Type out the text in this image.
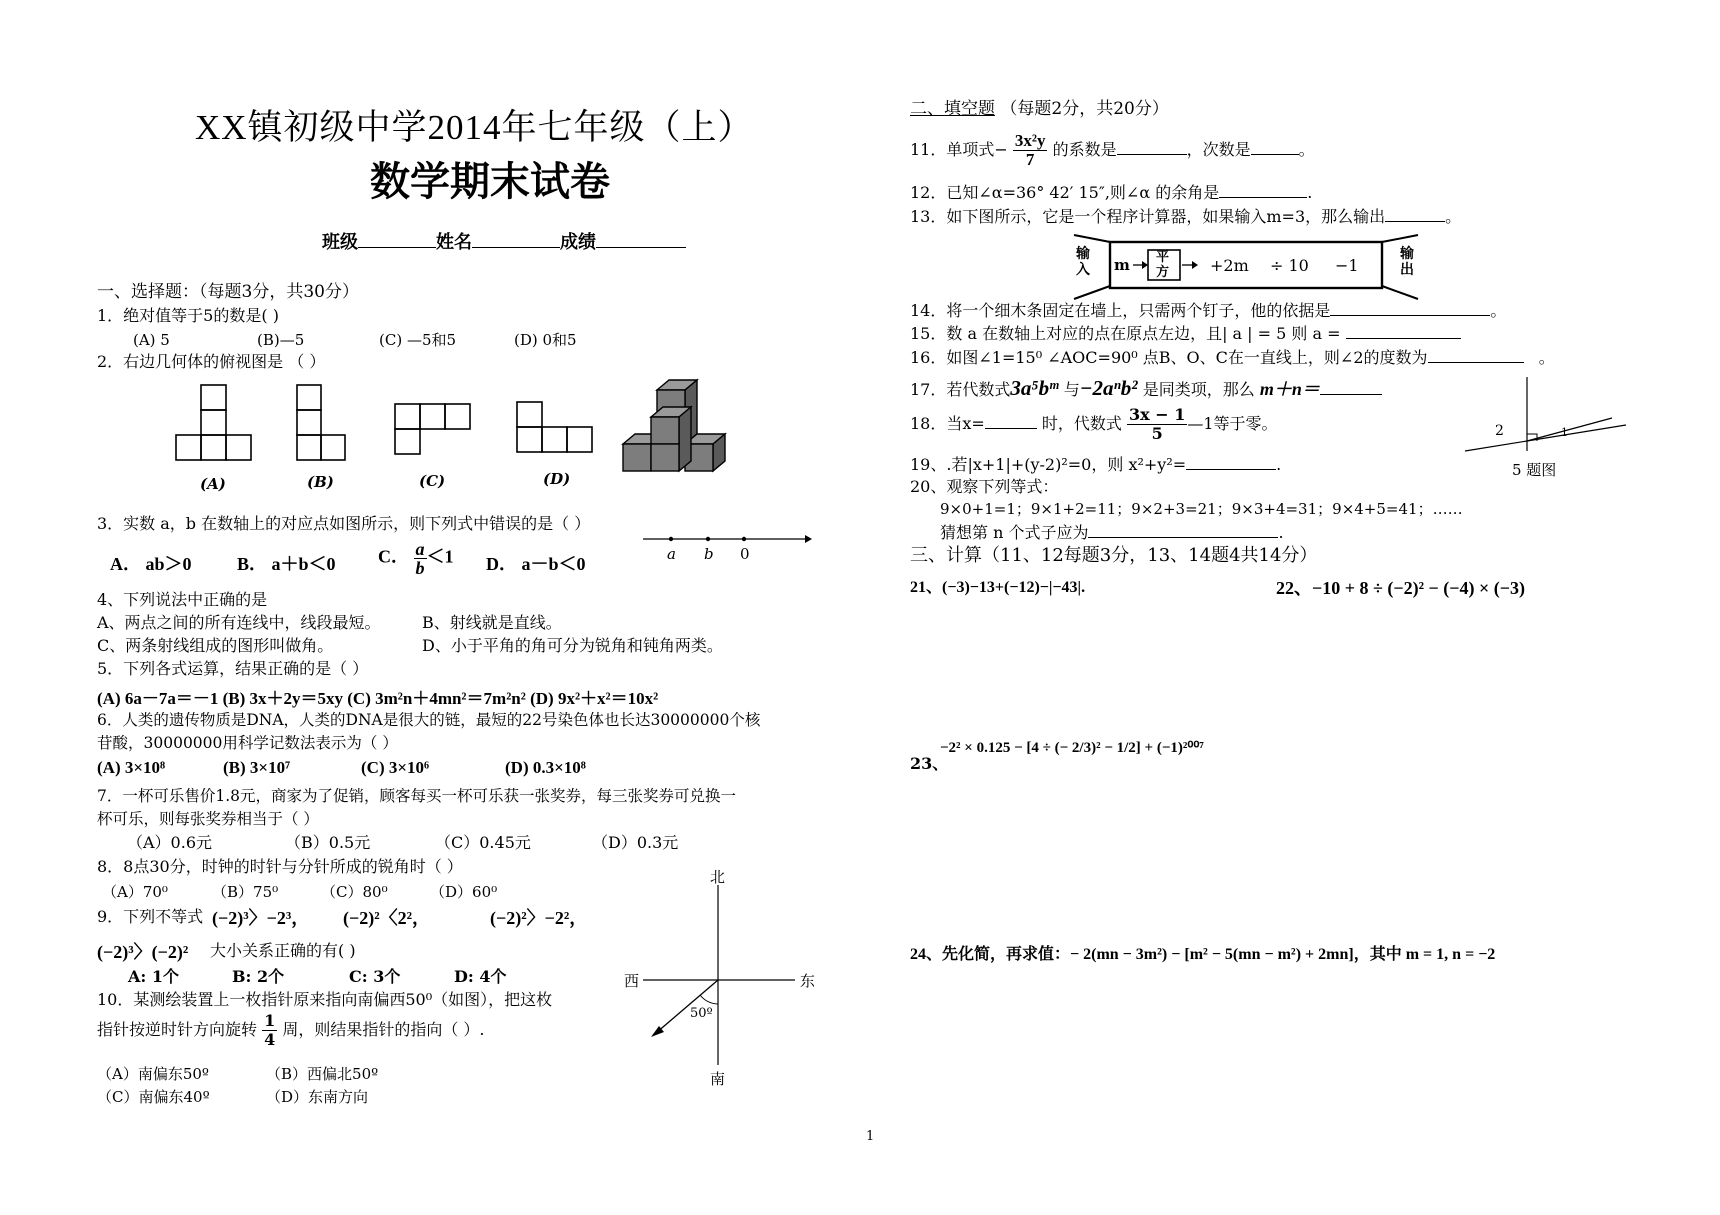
XX镇初级中学2014年七年级（上）
数学期末试卷
班级	姓名	成绩
一、选择题：（每题3分，共30分）
1．绝对值等于5的数是( )
(A) 5	(B)—5	(C) —5和5	(D) 0和5
2．右边几何体的俯视图是 （ ）
(A)	(B)	(C)	(D)
3．实数 a，b 在数轴上的对应点如图所示，则下列式中错误的是（ ）
A． ab＞0	B． a＋b＜0 C． $\frac{a}{b} <1$ D． a－b＜0	a b 0
4、下列说法中正确的是
A、两点之间的所有连线中，线段最短。	B、射线就是直线。
C、两条射线组成的图形叫做角。	D、小于平角的角可分为锐角和钝角两类。
5．下列各式运算，结果正确的是（ ）
(A) 6a－7a＝－1 (B) 3x＋2y＝5xy (C) 3m²n＋4mn²＝7m²n² (D) 9x²＋x²＝10x²
6．人类的遗传物质是DNA，人类的DNA是很大的链，最短的22号染色体也长达30000000个核
苷酸，30000000用科学记数法表示为（ ）
(A) 3×10⁸	(B) 3×10⁷	(C) 3×10⁶	(D) 0.3×10⁸
7．一杯可乐售价1.8元，商家为了促销，顾客每买一杯可乐获一张奖券，每三张奖券可兑换一
杯可乐，则每张奖券相当于（ ）
（A）0.6元	（B）0.5元	（C）0.45元	（D）0.3元
8．8点30分，时钟的时针与分针所成的锐角时（ ）
（A）70⁰	（B）75⁰	（C）80⁰	（D）60⁰
9．下列不等式 (−2)³〉−2³， (−2)²〈2²，	(−2)²〉−2²，
(−2)³〉(−2)² 大小关系正确的有( )
A: 1个	B: 2个	C: 3个	D: 4个
10．某测绘装置上一枚指针原来指向南偏西50⁰（如图），把这枚
指针按逆时针方向旋转 $\frac{1}{4}$ 周，则结果指针的指向（ ）.
（A）南偏东50º	（B）西偏北50º
（C）南偏东40º	（D）东南方向
北
南
西	东
50º
二、填空题 （每题2分，共20分）
11．单项式− $\frac{\text{3x²y}}{7}$ 的系数是	，次数是	。
12．已知∠α=36° 42′ 15″,则∠α 的余角是	.
13．如下图所示，它是一个程序计算器，如果输入m=3，那么输出	。
输入 m 平方	+2m ÷ 10 −1
输出
14．将一个细木条固定在墙上，只需两个钉子，他的依据是	。
15．数 a 在数轴上对应的点在原点左边，且| a | = 5 则 a =
16．如图∠1=15⁰ ∠AOC=90⁰ 点B、O、C在一直线上，则∠2的度数为	。
17．若代数式3a⁵bᵐ 与−2aⁿb² 是同类项，那么 m＋n＝
18．当x=	时，代数式 $\frac{3x - 1}{5}$ —1等于零。
19、.若|x+1|+(y-2)²=0，则 x²+y²=	.
20、观察下列等式：
9×0+1=1；9×1+2=11；9×2+3=21；9×3+4=31；9×4+5=41；……
猜想第 n 个式子应为	.
2	1
5 题图
三、计算（11、12每题3分，13、14题4共14分）
21、(−3)−13+(−12)−|−43|.	22、−10 + 8 ÷ (−2)² − (−4) × (−3)
23、
−2² × 0.125 − [4 ÷ (− 2/3)² − 1/2] + (−1)²⁰⁰⁷
24、先化简，再求值：− 2(mn − 3m²) − [m² − 5(mn − m²) + 2mn]，其中 m = 1, n = −2
1
